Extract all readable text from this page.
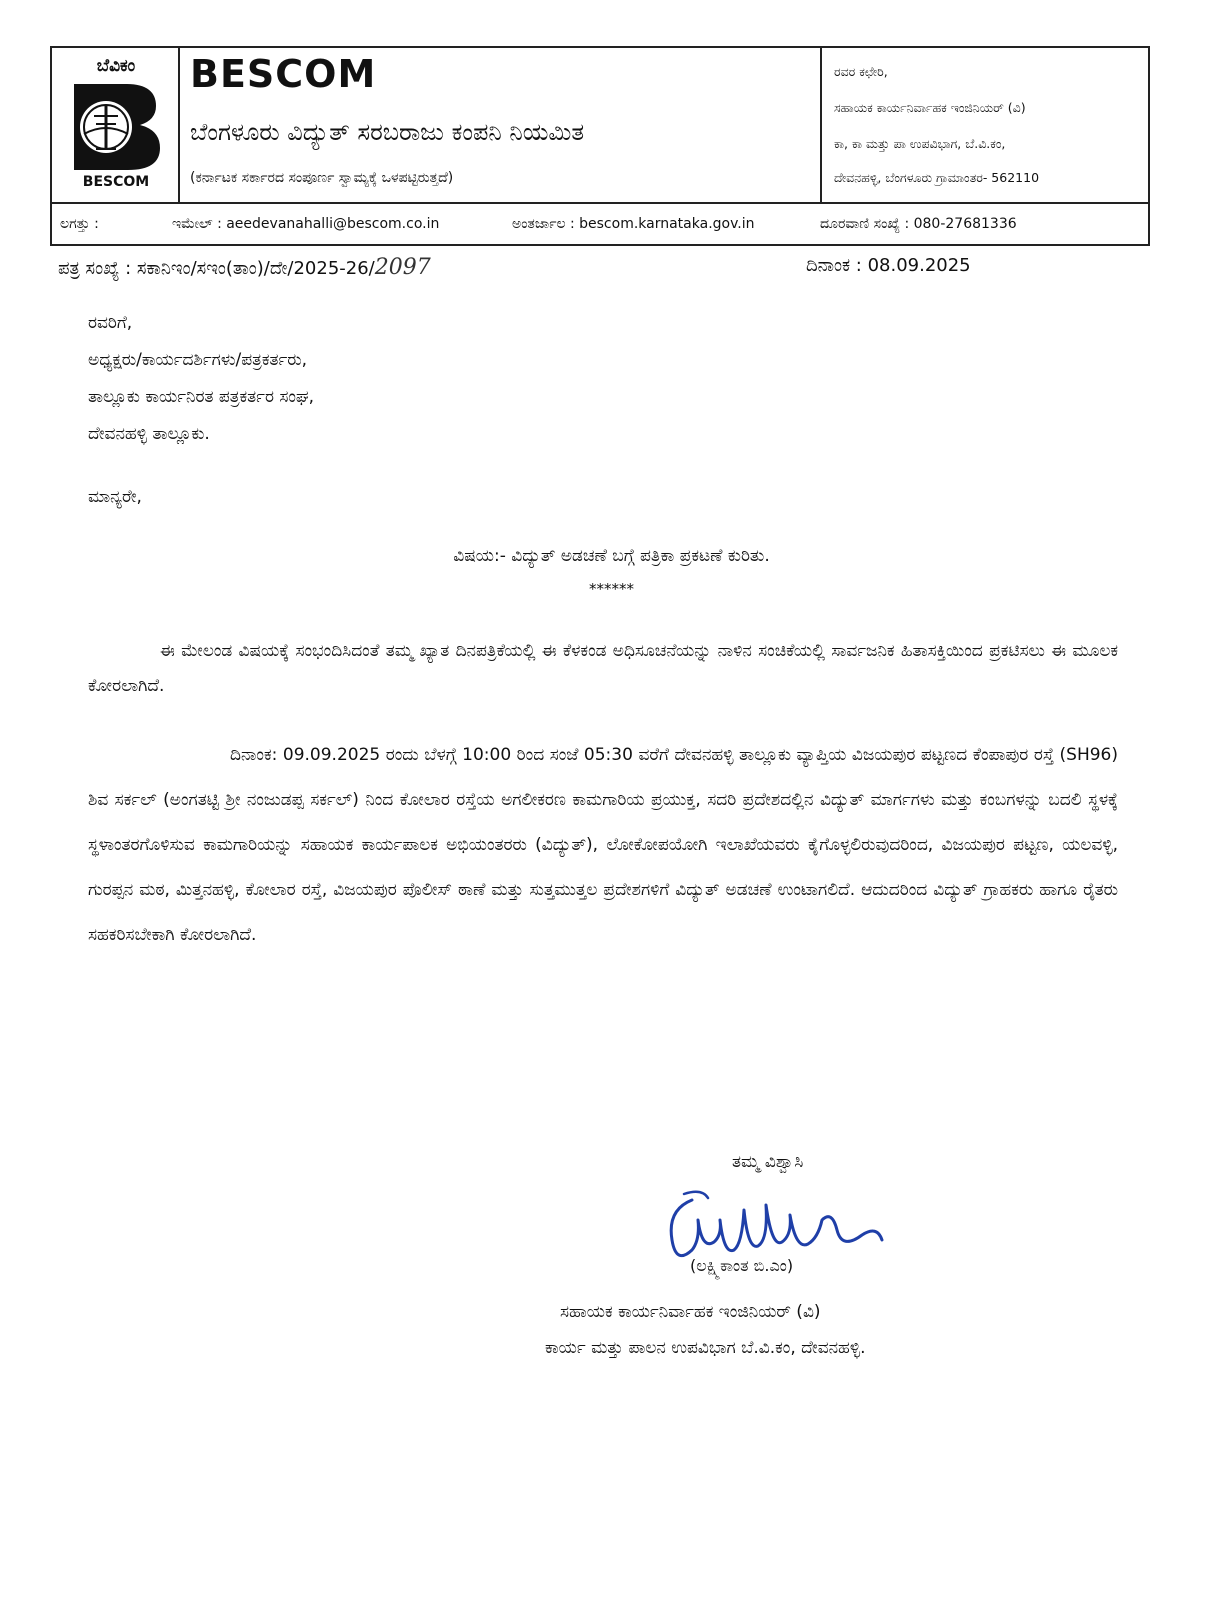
ಬೆವಿಕಂ
BESCOM
BESCOM
ಬೆಂಗಳೂರು ವಿದ್ಯುತ್ ಸರಬರಾಜು ಕಂಪನಿ ನಿಯಮಿತ
(ಕರ್ನಾಟಕ ಸರ್ಕಾರದ ಸಂಪೂರ್ಣ ಸ್ವಾಮ್ಯಕ್ಕೆ ಒಳಪಟ್ಟಿರುತ್ತದೆ)
ರವರ ಕಛೇರಿ,
ಸಹಾಯಕ ಕಾರ್ಯನಿರ್ವಾಹಕ ಇಂಜಿನಿಯರ್ (ವಿ)
ಕಾ, ಕಾ ಮತ್ತು ಪಾ ಉಪವಿಭಾಗ, ಬೆ.ವಿ.ಕಂ,
ದೇವನಹಳ್ಳಿ, ಬೆಂಗಳೂರು ಗ್ರಾಮಾಂತರ- 562110
ಲಗತ್ತು :	ಇಮೇಲ್ : aeedevanahalli@bescom.co.in	ಅಂತರ್ಜಾಲ : bescom.karnataka.gov.in	ದೂರವಾಣಿ ಸಂಖ್ಯೆ : 080-27681336
ಪತ್ರ ಸಂಖ್ಯೆ : ಸಕಾನಿಇಂ/ಸಇಂ(ತಾಂ)/ದೇ/2025-26/2097	ದಿನಾಂಕ : 08.09.2025
ರವರಿಗೆ,
ಅಧ್ಯಕ್ಷರು/ಕಾರ್ಯದರ್ಶಿಗಳು/ಪತ್ರಕರ್ತರು,
ತಾಲ್ಲೂಕು ಕಾರ್ಯನಿರತ ಪತ್ರಕರ್ತರ ಸಂಘ,
ದೇವನಹಳ್ಳಿ ತಾಲ್ಲೂಕು.
ಮಾನ್ಯರೇ,
ವಿಷಯ:- ವಿದ್ಯುತ್ ಅಡಚಣೆ ಬಗ್ಗೆ ಪತ್ರಿಕಾ ಪ್ರಕಟಣೆ ಕುರಿತು.
******
ಈ ಮೇಲಂಡ ವಿಷಯಕ್ಕೆ ಸಂಭಂದಿಸಿದಂತೆ ತಮ್ಮ ಖ್ಯಾತ ದಿನಪತ್ರಿಕೆಯಲ್ಲಿ ಈ ಕೆಳಕಂಡ ಅಧಿಸೂಚನೆಯನ್ನು ನಾಳಿನ ಸಂಚಿಕೆಯಲ್ಲಿ ಸಾರ್ವಜನಿಕ ಹಿತಾಸಕ್ತಿಯಿಂದ ಪ್ರಕಟಿಸಲು ಈ ಮೂಲಕ ಕೋರಲಾಗಿದೆ.
ದಿನಾಂಕ: 09.09.2025 ರಂದು ಬೆಳಗ್ಗೆ 10:00 ರಿಂದ ಸಂಜೆ 05:30 ವರೆಗೆ ದೇವನಹಳ್ಳಿ ತಾಲ್ಲೂಕು ವ್ಯಾಪ್ತಿಯ ವಿಜಯಪುರ ಪಟ್ಟಣದ ಕೆಂಪಾಪುರ ರಸ್ತೆ (SH96) ಶಿವ ಸರ್ಕಲ್ (ಅಂಗತಟ್ಟಿ ಶ್ರೀ ನಂಜುಡಪ್ಪ ಸರ್ಕಲ್) ನಿಂದ ಕೋಲಾರ ರಸ್ತೆಯ ಅಗಲೀಕರಣ ಕಾಮಗಾರಿಯ ಪ್ರಯುಕ್ತ, ಸದರಿ ಪ್ರದೇಶದಲ್ಲಿನ ವಿದ್ಯುತ್ ಮಾರ್ಗಗಳು ಮತ್ತು ಕಂಬಗಳನ್ನು ಬದಲಿ ಸ್ಥಳಕ್ಕೆ ಸ್ಥಳಾಂತರಗೊಳಿಸುವ ಕಾಮಗಾರಿಯನ್ನು ಸಹಾಯಕ ಕಾರ್ಯಪಾಲಕ ಅಭಿಯಂತರರು (ವಿದ್ಯುತ್), ಲೋಕೋಪಯೋಗಿ ಇಲಾಖೆಯವರು ಕೈಗೊಳ್ಳಲಿರುವುದರಿಂದ, ವಿಜಯಪುರ ಪಟ್ಟಣ, ಯಲವಳ್ಳಿ, ಗುರಪ್ಪನ ಮಠ, ಮಿತ್ತನಹಳ್ಳಿ, ಕೋಲಾರ ರಸ್ತೆ, ವಿಜಯಪುರ ಪೊಲೀಸ್ ಠಾಣೆ ಮತ್ತು ಸುತ್ತಮುತ್ತಲ ಪ್ರದೇಶಗಳಿಗೆ ವಿದ್ಯುತ್ ಅಡಚಣೆ ಉಂಟಾಗಲಿದೆ. ಆದುದರಿಂದ ವಿದ್ಯುತ್ ಗ್ರಾಹಕರು ಹಾಗೂ ರೈತರು ಸಹಕರಿಸಬೇಕಾಗಿ ಕೋರಲಾಗಿದೆ.
ತಮ್ಮ ವಿಶ್ವಾಸಿ
(ಲಕ್ಷ್ಮಿಕಾಂತ ಬಿ.ಎಂ)
ಸಹಾಯಕ ಕಾರ್ಯನಿರ್ವಾಹಕ ಇಂಜಿನಿಯರ್ (ವಿ)
ಕಾರ್ಯ ಮತ್ತು ಪಾಲನ ಉಪವಿಭಾಗ ಬೆ.ವಿ.ಕಂ, ದೇವನಹಳ್ಳಿ.
